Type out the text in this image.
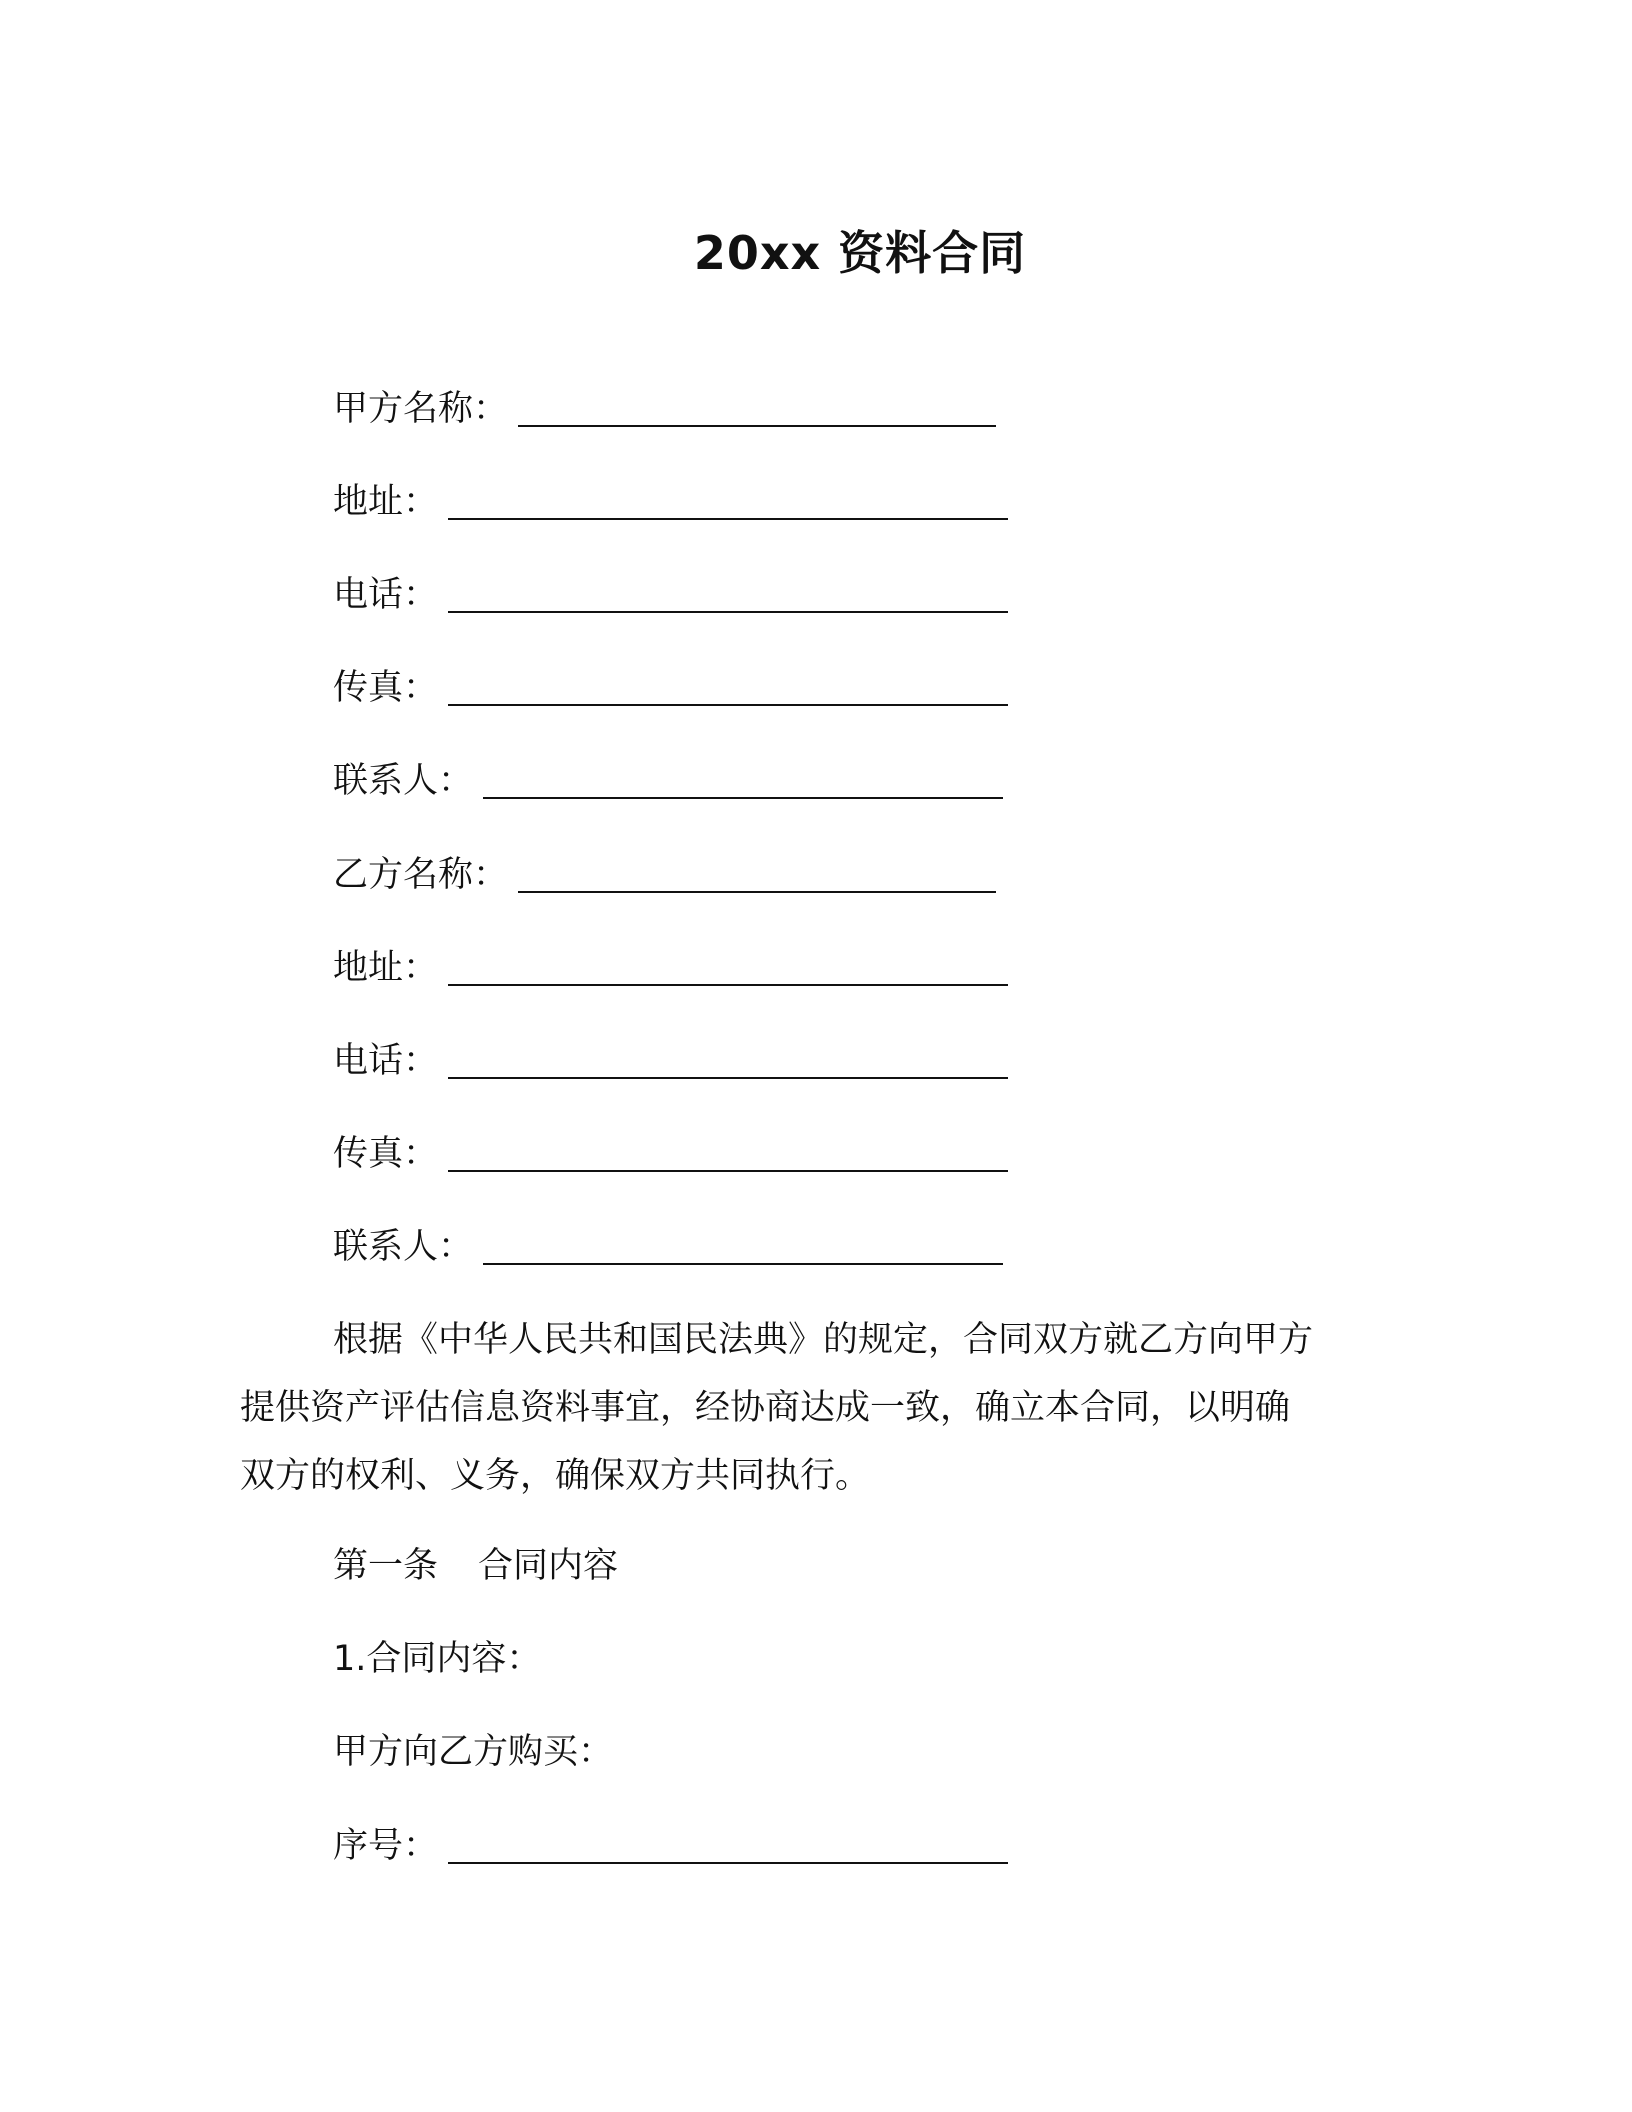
20xx 资料合同
甲方名称：
地址：
电话：
传真：
联系人：
乙方名称：
地址：
电话：
传真：
联系人：
根据《中华人民共和国民法典》的规定，合同双方就乙方向甲方
提供资产评估信息资料事宜，经协商达成一致，确立本合同，以明确
双方的权利、义务，确保双方共同执行。
第一条 合同内容
1.合同内容：
甲方向乙方购买：
序号：
